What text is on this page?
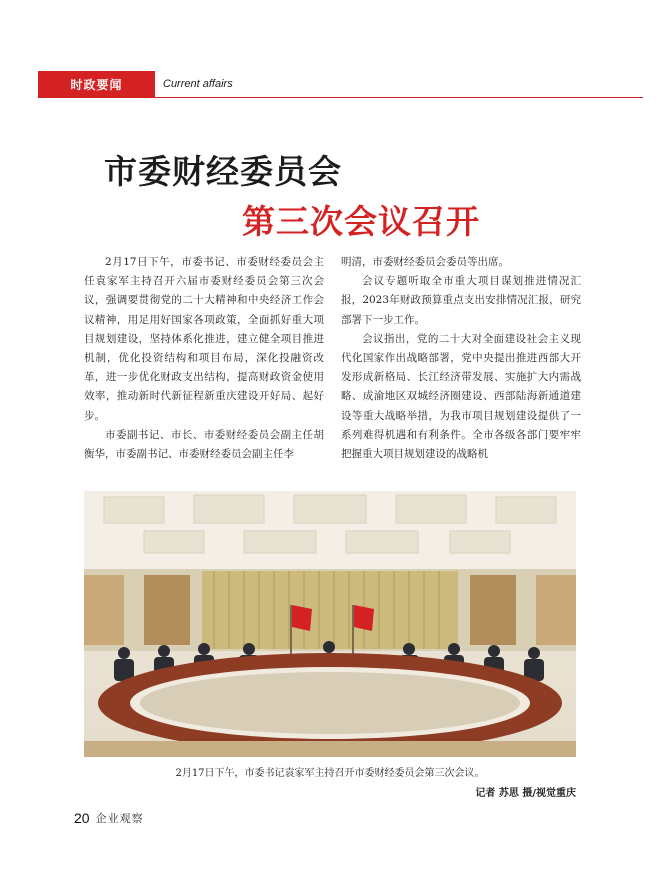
时政要闻	Current affairs
市委财经委员会
第三次会议召开

2月17日下午，市委书记、市委财经委员会主任袁家军主持召开六届市委财经委员会第三次会议，强调要贯彻党的二十大精神和中央经济工作会议精神，用足用好国家各项政策，全面抓好重大项目规划建设，坚持体系化推进，建立健全项目推进机制，优化投资结构和项目布局，深化投融资改革，进一步优化财政支出结构，提高财政资金使用效率，推动新时代新征程新重庆建设开好局、起好步。

市委副书记、市长、市委财经委员会副主任胡衡华，市委副书记、市委财经委员会副主任李

明清，市委财经委员会委员等出席。

会议专题听取全市重大项目谋划推进情况汇报，2023年财政预算重点支出安排情况汇报，研究部署下一步工作。

会议指出，党的二十大对全面建设社会主义现代化国家作出战略部署，党中央提出推进西部大开发形成新格局、长江经济带发展、实施扩大内需战略、成渝地区双城经济圈建设、西部陆海新通道建设等重大战略举措，为我市项目规划建设提供了一系列难得机遇和有利条件。全市各级各部门要牢牢把握重大项目规划建设的战略机

2月17日下午，市委书记袁家军主持召开市委财经委员会第三次会议。
记者 苏思 摄/视觉重庆
20 企业观察
